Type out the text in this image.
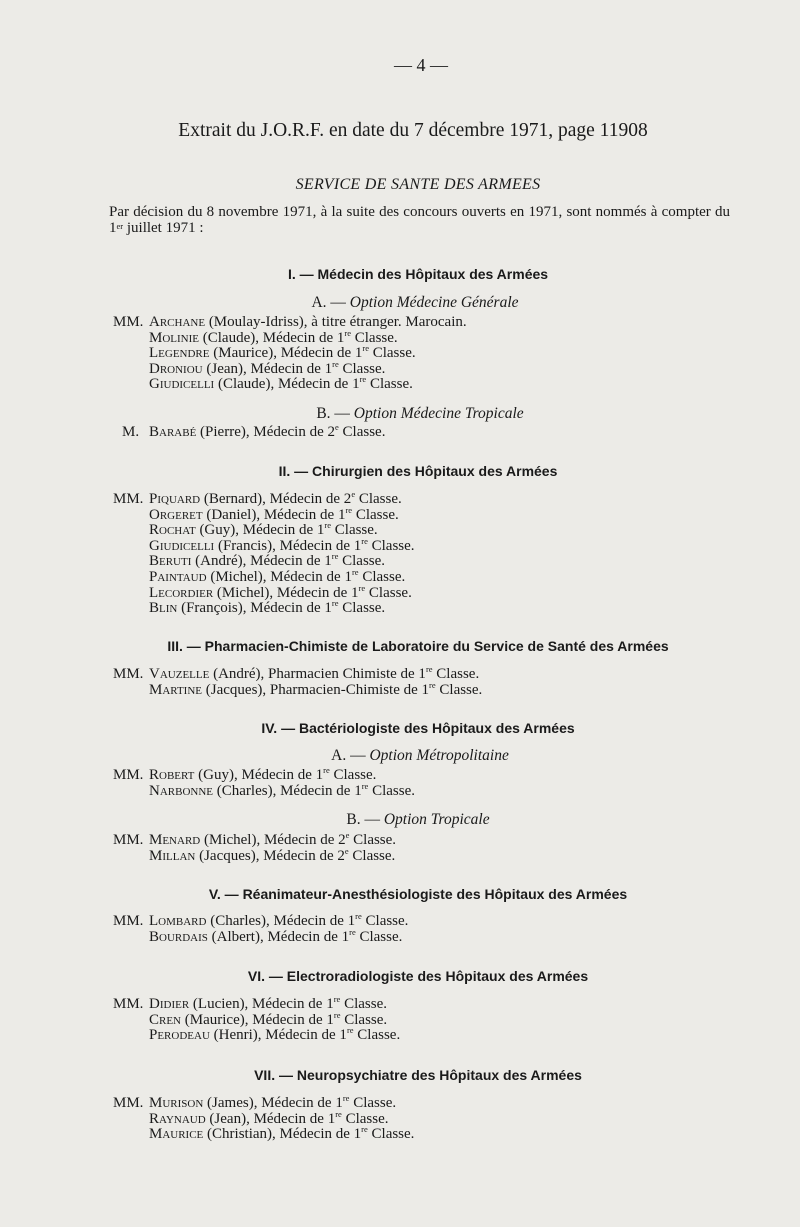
— 4 —
Extrait du J.O.R.F. en date du 7 décembre 1971, page 11908
SERVICE DE SANTE DES ARMEES
Par décision du 8 novembre 1971, à la suite des concours ouverts en 1971, sont nommés à compter du 1er juillet 1971 :
I. — Médecin des Hôpitaux des Armées
A. — Option Médecine Générale
MM. Archane (Moulay-Idriss), à titre étranger. Marocain.
Molinie (Claude), Médecin de 1re Classe.
Legendre (Maurice), Médecin de 1re Classe.
Droniou (Jean), Médecin de 1re Classe.
Giudicelli (Claude), Médecin de 1re Classe.
B. — Option Médecine Tropicale
M. Barabé (Pierre), Médecin de 2e Classe.
II. — Chirurgien des Hôpitaux des Armées
MM. Piquard (Bernard), Médecin de 2e Classe.
Orgeret (Daniel), Médecin de 1re Classe.
Rochat (Guy), Médecin de 1re Classe.
Giudicelli (Francis), Médecin de 1re Classe.
Beruti (André), Médecin de 1re Classe.
Paintaud (Michel), Médecin de 1re Classe.
Lecordier (Michel), Médecin de 1re Classe.
Blin (François), Médecin de 1re Classe.
III. — Pharmacien-Chimiste de Laboratoire du Service de Santé des Armées
MM. Vauzelle (André), Pharmacien Chimiste de 1re Classe.
Martine (Jacques), Pharmacien-Chimiste de 1re Classe.
IV. — Bactériologiste des Hôpitaux des Armées
A. — Option Métropolitaine
MM. Robert (Guy), Médecin de 1re Classe.
Narbonne (Charles), Médecin de 1re Classe.
B. — Option Tropicale
MM. Menard (Michel), Médecin de 2e Classe.
Millan (Jacques), Médecin de 2e Classe.
V. — Réanimateur-Anesthésiologiste des Hôpitaux des Armées
MM. Lombard (Charles), Médecin de 1re Classe.
Bourdais (Albert), Médecin de 1re Classe.
VI. — Electroradiologiste des Hôpitaux des Armées
MM. Didier (Lucien), Médecin de 1re Classe.
Cren (Maurice), Médecin de 1re Classe.
Perodeau (Henri), Médecin de 1re Classe.
VII. — Neuropsychiatre des Hôpitaux des Armées
MM. Murison (James), Médecin de 1re Classe.
Raynaud (Jean), Médecin de 1re Classe.
Maurice (Christian), Médecin de 1re Classe.
